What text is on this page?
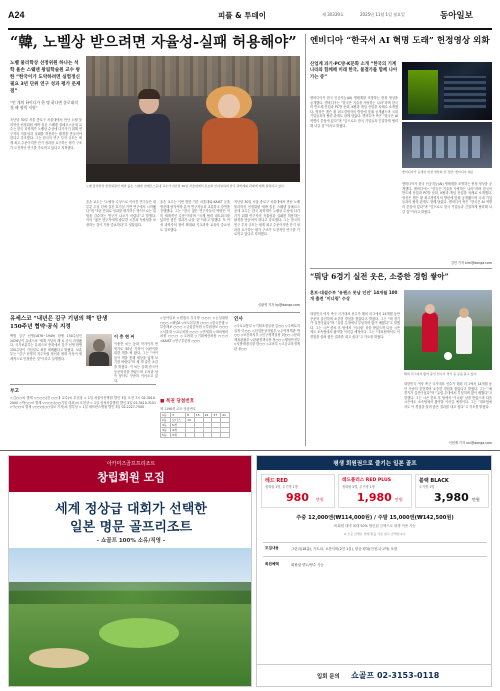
A24	피플 & 투데이	제 30339호	2025년 11월 1일 월요일	동아일보
“韓, 노벨상 받으려면 자율성-실패 허용해야”
노벨 물리학상 선정위원 하나는 석학 울손 스웨덴 왕립학술원 교수 방한 “한국이가 도약하려면 실험정신 필요 3년 단위 연구 성과 평가 문제점”
“인 개의 하이디가 한 명 하나면 종로대의 첫 해 협력 지원”
지난달 30일 서울 종로구 서울대에서 만난 노벨 물리학상 선정위원 에바 올손 스웨덴 샬메르스공대 교수는 한국 과학계가 노벨상 수상에 다가가기 위해 연구자의 자율성과 실패를 허용하는 환경을 만들어야 한다고 강조했다. 그는 한국의 연구 투자 규모는 세계 최고 수준이지만 단기 성과를 요구하는 평가 구조가 도전적인 연구를 가로막고 있다고 지적했다.
노벨 물리학상 선정위원인 에바 올손 스웨덴 샬메르스공대 교수가 지난달 30일 서울대에서 본보와 인터뷰하며 한국 과학계의 과제에 대해 설명하고 있다.
올손 교수는 “노벨상 수상으로 이어진 연구들은 대부분 수십 년에 걸친 호기심 기반 연구에서 시작됐다”며 “3년 단위로 성과를 평가하는 방식으로는 위험을 감수하는 연구가 나오기 어렵다”고 말했다. 이어 “젊은 연구자에게 충분한 시간과 독립성을 보장하는 것이 가장 중요하다”고 덧붙였다.
올손 교수는 이번 방한 기간 서울대와 KAIST 등을 방문해 양자역학 분야 연구자들과 교류하고 강연을 진행했다. 그는 “한국 젊은 연구자들의 역량은 이미 세계적인 수준”이라며 “국제 협력 네트워크를 넓히면 좋은 결과가 나올 것”이라고 말했다. 또 여성 과학자의 참여 확대와 기초과학 교육의 중요성도 강조했다.
지난달 30일 서울 종로구 서울대에서 만난 노벨 물리학상 선정위원 에바 올손 스웨덴 샬메르스공대 교수는 한국 과학계가 노벨상 수상에 다가가기 위해 연구자의 자율성과 실패를 허용하는 환경을 만들어야 한다고 강조했다. 그는 한국의 연구 투자 규모는 세계 최고 수준이지만 단기 성과를 요구하는 평가 구조가 도전적인 연구를 가로막고 있다고 지적했다.
신광영 기자 ky@donga.com
엔비디아 “한국서 AI 혁명 도래” 헌정영상 외화
산업계 과기-PC방-K문화 소개 “한국의 기계 나라와 함께해 미래 한국, 물결가를 함께 나아가는 중”
엔비디아가 한국 인공지능(AI) 생태계를 조명하는 헌정 영상을 공개했다. 엔비디아는 “한국은 기술을 사랑하는 나라”라며 한국의 반도체 산업과 PC방 문화, K팝과 게임 산업을 차례로 소개했다. 영상은 젠슨 황 최고경영자의 방한에 맞춰 공개됐으며 국내 기업들과의 협력 관계도 함께 담았다. 엔비디아 측은 “한국은 AI 혁명의 중심에 있다”며 “앞으로도 한국 기업들과 긴밀하게 협력해 나갈 것”이라고 밝혔다.
엔비디아가 공개한 헌정 영상의 한 장면. 엔비디아 제공
엔비디아가 한국 인공지능(AI) 생태계를 조명하는 헌정 영상을 공개했다. 엔비디아는 “한국은 기술을 사랑하는 나라”라며 한국의 반도체 산업과 PC방 문화, K팝과 게임 산업을 차례로 소개했다. 영상은 젠슨 황 최고경영자의 방한에 맞춰 공개됐으며 국내 기업들과의 협력 관계도 함께 담았다. 엔비디아 측은 “한국은 AI 혁명의 중심에 있다”며 “앞으로도 한국 기업들과 긴밀하게 협력해 나갈 것”이라고 밝혔다.
김민 기자 kim@donga.com
“뭐당 6경기 실전 웃은, 소중한 경험 쌓아”
혼보-대설수부 ‘유랜스 못남 인진’ 14개월 100개 출전 ‘이너링’ 수상
대한민국 여자 축구 국가대표 선수가 해외 리그에서 14개월 동안 꾸준히 출전하며 소중한 경험을 쌓았다고 밝혔다. 그는 “매 경기가 실전이었다”며 “유럽 무대에서 부딪히며 많이 배웠다”고 말했다. 그는 시즌 종료 후 팀에서 ‘이너링’ 상을 받았으며 다음 시즌에도 소속팀에서 활약을 이어갈 예정이다. 그는 “대표팀에서도 이 경험을 살려 좋은 결과를 내고 싶다”고 각오를 밝혔다.
해외 리그에서 활약 중인 선수가 경기 중 공을 몰고 있다.
대한민국 여자 축구 국가대표 선수가 해외 리그에서 14개월 동안 꾸준히 출전하며 소중한 경험을 쌓았다고 밝혔다. 그는 “매 경기가 실전이었다”며 “유럽 무대에서 부딪히며 많이 배웠다”고 말했다. 그는 시즌 종료 후 팀에서 ‘이너링’ 상을 받았으며 다음 시즌에도 소속팀에서 활약을 이어갈 예정이다. 그는 “대표팀에서도 이 경험을 살려 좋은 결과를 내고 싶다”고 각오를 밝혔다.
이헌재 기자 uni@donga.com
유세스코 “내년은 김구 기념의 해” 탄생 150주년 협약·공식 지정
백범 김구 선생(1876~1949) 탄생 150주년인 2026년이 유네스코 ‘세계 기념의 해’로 공식 지정됐다. 국가보훈부는 유네스코 총회에서 김구 선생 탄생 150주년이 기념일로 최종 채택됐다고 밝혔다. 보훈부는 “김구 선생의 자주독립 정신과 평화 사상이 세계적으로 인정받은 것”이라고 설명했다.
이 충 현 씨
이충현 씨는 동화 작가이자 번역가로 50년 가까이 어린이를 위한 책을 써 왔다. 그는 “아이들이 책을 통해 세상을 넓게 보기를 바란다”며 새 책 출간 소감을 밝혔다. 이 씨는 올해 한국아동문학상을 받았으며 도서관 낭독 봉사도 꾸준히 이어오고 있다.
◇동아일보 ▽편집국 부국장 ○○○ ▽논설위원 ○○○ ◇채널A ▽보도본부장 ○○○ ◇한국은행 ▽부총재보 ○○○ ◇금융감독원 ▽부원장보 ○○○ ◇서울대 ▽교무처장 ○○○ ◇연세대 ▽대외협력처장 ○○○ ◇고려대 ▽기획예산처장 ○○○ ◇KAIST ▽연구부총장 ○○○
인사
◇국토교통부 ▽기획조정실장 김○○ ▽주택토지실장 이○○ ◇산업통상자원부 ▽무역정책관 박○○ ◇보건복지부 ▽인구정책실장 최○○ ◇문화체육관광부 ▽관광정책국장 정○○ ◇행정안전부 ▽지방재정국장 한○○ ◇교육부 ▽고등교육정책관 윤○○
■ 복권 당첨번호
제 1196회 로또 당첨번호
1등	3	8	15	22	37	41
2등	보너스	19				
3등	5개					
4등	4개					
5등	3개					
부고
◇김○○씨 별세 ▽○○○(전 ○○대 교수)씨 부친상 = 1일 서울아산병원 발인 3일 오전 7시 02-3010-2000 ◇박○○씨 별세 ▽○○○(○○기업 대표)씨 모친상 = 1일 삼성서울병원 발인 3일 02-3410-3151 ◇이○○씨 별세 ▽○○○(○○일보 기자)씨 빙부상 = 1일 세브란스병원 발인 3일 02-2227-7500
아카미즈골프프리조트
창립회원 모집
세계 정상급 대회가 선택한
일본 명문 골프리조트
- 쇼골프 100% 소유/직영 -
평생 회원권으로 즐기는 일본 골프
레드 RED
정회원 1명, 무기명 1명
980 만원
레드플러스 RED PLUS
정회원 2명, 무기명 1명
1,980 만원
블랙 BLACK
무기명 1명
3,980 만원
주중 12,000엔(₩114,000원) / 주말 15,000엔(₩142,500원)
비회원 대비 최대 50% 할인된 금액으로 평생 이용 가능
※ 모든 금액은 현재 환율 기준 참고 금액입니다.
모집내용	그린피(18홀), 카트피, 오찬식비(2인 1실), 항공 왕복(인천-나고야) 포함
회원혜택	회원권 양도/양수 가능
입회 문의 쇼골프 02-3153-0118
